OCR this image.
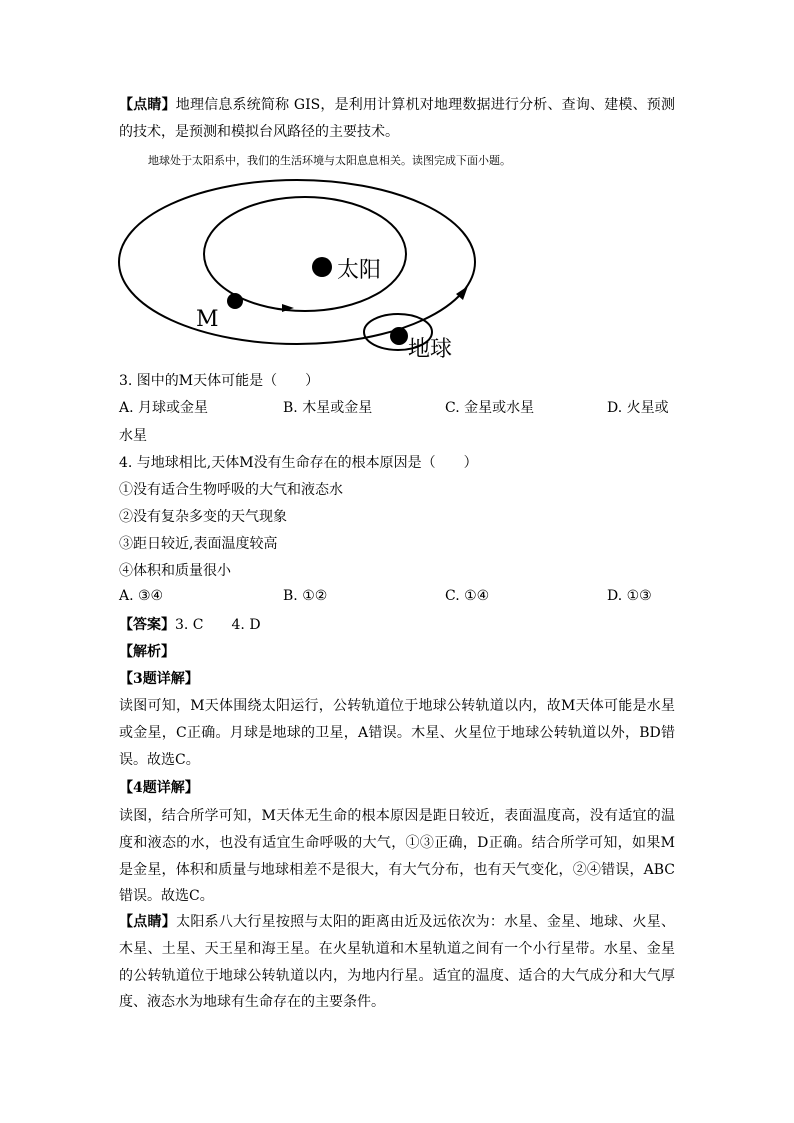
【点睛】地理信息系统简称 GIS，是利用计算机对地理数据进行分析、查询、建模、预测的技术，是预测和模拟台风路径的主要技术。
地球处于太阳系中，我们的生活环境与太阳息息相关。读图完成下面小题。
太阳
M
地球
3. 图中的M天体可能是（　　）
A. 月球或金星	B. 木星或金星	C. 金星或水星	D. 火星或
水星
4. 与地球相比,天体M没有生命存在的根本原因是（　　）
①没有适合生物呼吸的大气和液态水
②没有复杂多变的天气现象
③距日较近,表面温度较高
④体积和质量很小
A. ③④	B. ①②	C. ①④	D. ①③
【答案】3. C　　4. D
【解析】
【3题详解】
读图可知，M天体围绕太阳运行，公转轨道位于地球公转轨道以内，故M天体可能是水星或金星，C正确。月球是地球的卫星，A错误。木星、火星位于地球公转轨道以外，BD错误。故选C。
【4题详解】
读图，结合所学可知，M天体无生命的根本原因是距日较近，表面温度高，没有适宜的温度和液态的水，也没有适宜生命呼吸的大气，①③正确，D正确。结合所学可知，如果M是金星，体积和质量与地球相差不是很大，有大气分布，也有天气变化，②④错误，ABC错误。故选C。
【点睛】太阳系八大行星按照与太阳的距离由近及远依次为：水星、金星、地球、火星、木星、土星、天王星和海王星。在火星轨道和木星轨道之间有一个小行星带。水星、金星的公转轨道位于地球公转轨道以内，为地内行星。适宜的温度、适合的大气成分和大气厚度、液态水为地球有生命存在的主要条件。
